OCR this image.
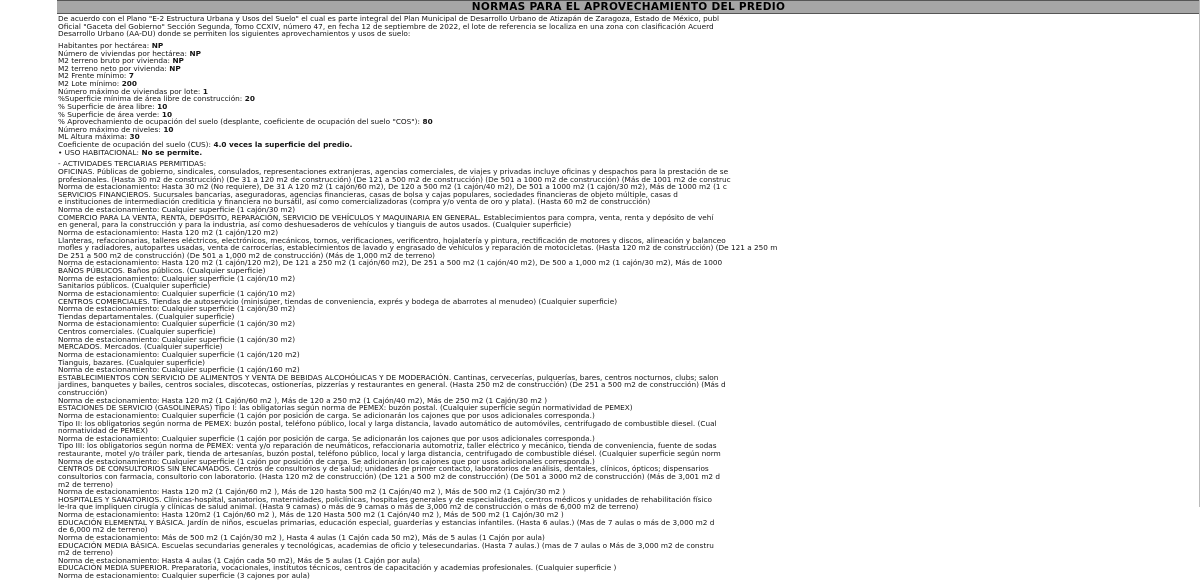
NORMAS PARA EL APROVECHAMIENTO DEL PREDIO
De acuerdo con el Plano "E-2 Estructura Urbana y Usos del Suelo" el cual es parte integral del Plan Municipal de Desarrollo Urbano de Atizapán de Zaragoza, Estado de México, publ
Oficial "Gaceta del Gobierno" Sección Segunda, Tomo CCXIV, número 47, en fecha 12 de septiembre de 2022, el lote de referencia se localiza en una zona con clasificación Acuerd
Desarrollo Urbano (AA-DU) donde se permiten los siguientes aprovechamientos y usos de suelo:
Habitantes por hectárea: NP
Número de viviendas por hectárea: NP
M2 terreno bruto por vivienda: NP
M2 terreno neto por vivienda: NP
M2 Frente mínimo: 7
M2 Lote mínimo: 200
Número máximo de viviendas por lote: 1
%Superficie mínima de área libre de construcción: 20
% Superficie de área libre: 10
% Superficie de área verde: 10
% Aprovechamiento de ocupación del suelo (desplante, coeficiente de ocupación del suelo "COS"): 80
Número máximo de niveles: 10
ML Altura máxima: 30
Coeficiente de ocupación del suelo (CUS): 4.0 veces la superficie del predio.
• USO HABITACIONAL: No se permite.
- ACTIVIDADES TERCIARIAS PERMITIDAS:
OFICINAS. Públicas de gobierno, sindicales, consulados, representaciones extranjeras, agencias comerciales, de viajes y privadas incluye oficinas y despachos para la prestación de se
profesionales. (Hasta 30 m2 de construcción) (De 31 a 120 m2 de construcción) (De 121 a 500 m2 de construcción) (De 501 a 1000 m2 de construcción) (Más de 1001 m2 de construc
Norma de estacionamiento: Hasta 30 m2 (No requiere), De 31 A 120 m2 (1 cajón/60 m2), De 120 a 500 m2 (1 cajón/40 m2), De 501 a 1000 m2 (1 cajón/30 m2), Más de 1000 m2 (1 c
SERVICIOS FINANCIEROS. Sucursales bancarias, aseguradoras, agencias financieras, casas de bolsa y cajas populares, sociedades financieras de objeto múltiple, casas d
e instituciones de intermediación crediticia y financiera no bursátil, así como comercializadoras (compra y/o venta de oro y plata). (Hasta 60 m2 de construcción)
Norma de estacionamiento: Cualquier superficie (1 cajón/30 m2)
COMERCIO PARA LA VENTA, RENTA, DEPÓSITO, REPARACIÓN, SERVICIO DE VEHÍCULOS Y MAQUINARIA EN GENERAL. Establecimientos para compra, venta, renta y depósito de vehí
en general, para la construcción y para la industria, así como deshuesaderos de vehículos y tianguis de autos usados. (Cualquier superficie)
Norma de estacionamiento: Hasta 120 m2 (1 cajón/120 m2)
Llanteras, refaccionarias, talleres eléctricos, electrónicos, mecánicos, tornos, verificaciones, verificentro, hojalatería y pintura, rectificación de motores y discos, alineación y balanceo
mofles y radiadores, autopartes usadas, venta de carrocerías, establecimientos de lavado y engrasado de vehículos y reparación de motocicletas. (Hasta 120 m2 de construcción) (De 121 a 250 m
De 251 a 500 m2 de construcción) (De 501 a 1,000 m2 de construcción) (Más de 1,000 m2 de terreno)
Norma de estacionamiento: Hasta 120 m2 (1 cajón/120 m2), De 121 a 250 m2 (1 cajón/60 m2), De 251 a 500 m2 (1 cajón/40 m2), De 500 a 1,000 m2 (1 cajón/30 m2), Más de 1000
BAÑOS PÚBLICOS. Baños públicos. (Cualquier superficie)
Norma de estacionamiento: Cualquier superficie (1 cajón/10 m2)
Sanitarios públicos. (Cualquier superficie)
Norma de estacionamiento: Cualquier superficie (1 cajón/10 m2)
CENTROS COMERCIALES. Tiendas de autoservicio (minisúper, tiendas de conveniencia, exprés y bodega de abarrotes al menudeo) (Cualquier superficie)
Norma de estacionamiento: Cualquier superficie (1 cajón/30 m2)
Tiendas departamentales. (Cualquier superficie)
Norma de estacionamiento: Cualquier superficie (1 cajón/30 m2)
Centros comerciales. (Cualquier superficie)
Norma de estacionamiento: Cualquier superficie (1 cajón/30 m2)
MERCADOS. Mercados. (Cualquier superficie)
Norma de estacionamiento: Cualquier superficie (1 cajón/120 m2)
Tianguis, bazares. (Cualquier superficie)
Norma de estacionamiento: Cualquier superficie (1 cajón/160 m2)
ESTABLECIMIENTOS CON SERVICIO DE ALIMENTOS Y VENTA DE BEBIDAS ALCOHÓLICAS Y DE MODERACIÓN. Cantinas, cervecerías, pulquerías, bares, centros nocturnos, clubs; salon
jardines, banquetes y bailes, centros sociales, discotecas, ostionerías, pizzerías y restaurantes en general. (Hasta 250 m2 de construcción) (De 251 a 500 m2 de construcción) (Más d
construcción)
Norma de estacionamiento: Hasta 120 m2 (1 Cajón/60 m2 ), Más de 120 a 250 m2 (1 Cajón/40 m2), Más de 250 m2 (1 Cajón/30 m2 )
ESTACIONES DE SERVICIO (GASOLINERAS) Tipo I: las obligatorias según norma de PEMEX: buzón postal. (Cualquier superficie según normatividad de PEMEX)
Norma de estacionamiento: Cualquier superficie (1 cajón por posición de carga. Se adicionarán los cajones que por usos adicionales corresponda.)
Tipo II: los obligatorios según norma de PEMEX: buzón postal, teléfono público, local y larga distancia, lavado automático de automóviles, centrifugado de combustible diesel. (Cual
normatividad de PEMEX)
Norma de estacionamiento: Cualquier superficie (1 cajón por posición de carga. Se adicionarán los cajones que por usos adicionales corresponda.)
Tipo III: los obligatorios según norma de PEMEX: venta y/o reparación de neumáticos, refaccionaria automotriz, taller eléctrico y mecánico, tienda de conveniencia, fuente de sodas
restaurante, motel y/o tráiler park, tienda de artesanías, buzón postal, teléfono público, local y larga distancia, centrifugado de combustible diésel. (Cualquier superficie según norm
Norma de estacionamiento: Cualquier superficie (1 cajón por posición de carga. Se adicionarán los cajones que por usos adicionales corresponda.)
CENTROS DE CONSULTORIOS SIN ENCAMADOS. Centros de consultorios y de salud; unidades de primer contacto, laboratorios de análisis, dentales, clínicos, ópticos; dispensarios
consultorios con farmacia, consultorio con laboratorio. (Hasta 120 m2 de construcción) (De 121 a 500 m2 de construcción) (De 501 a 3000 m2 de construcción) (Más de 3,001 m2 d
m2 de terreno)
Norma de estacionamiento: Hasta 120 m2 (1 Cajón/60 m2 ), Más de 120 hasta 500 m2 (1 Cajón/40 m2 ), Más de 500 m2 (1 Cajón/30 m2 )
HOSPITALES Y SANATORIOS. Clínicas-hospital, sanatorios, maternidades, policlínicas, hospitales generales y de especialidades, centros médicos y unidades de rehabilitación físico
le-Ira que impliquen cirugía y clínicas de salud animal. (Hasta 9 camas) o más de 9 camas o más de 3,000 m2 de construcción o más de 6,000 m2 de terreno)
Norma de estacionamiento: Hasta 120m2 (1 Cajón/60 m2 ), Más de 120 Hasta 500 m2 (1 Cajón/40 m2 ), Más de 500 m2 (1 Cajón/30 m2 )
EDUCACIÓN ELEMENTAL Y BÁSICA. Jardín de niños, escuelas primarias, educación especial, guarderías y estancias infantiles. (Hasta 6 aulas.) (Mas de 7 aulas o más de 3,000 m2 d
de 6,000 m2 de terreno)
Norma de estacionamiento: Más de 500 m2 (1 Cajón/30 m2 ), Hasta 4 aulas (1 Cajón cada 50 m2), Más de 5 aulas (1 Cajón por aula)
EDUCACIÓN MEDIA BÁSICA. Escuelas secundarias generales y tecnológicas, academias de oficio y telesecundarias. (Hasta 7 aulas.) (mas de 7 aulas o Más de 3,000 m2 de constru
m2 de terreno)
Norma de estacionamiento: Hasta 4 aulas (1 Cajón cada 50 m2), Más de 5 aulas (1 Cajón por aula)
EDUCACIÓN MEDIA SUPERIOR. Preparatoria, vocacionales, institutos técnicos, centros de capacitación y academias profesionales. (Cualquier superficie )
Norma de estacionamiento: Cualquier superficie (3 cajones por aula)
